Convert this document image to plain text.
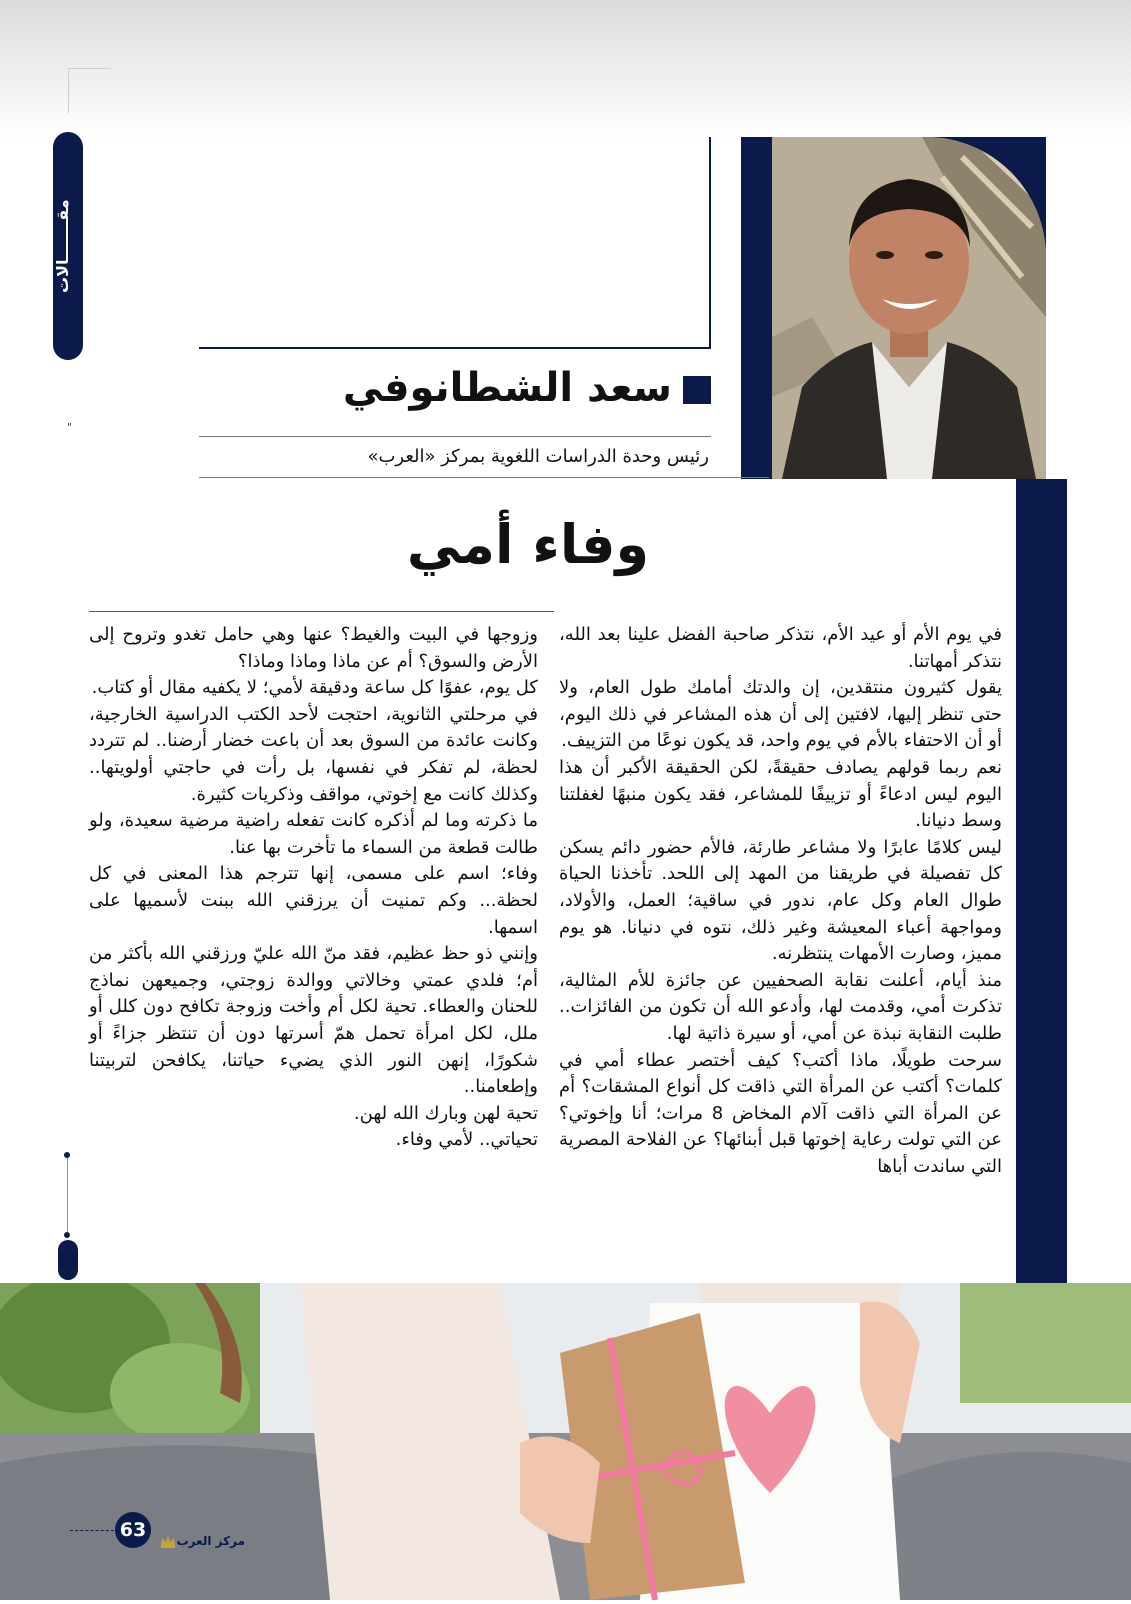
مقـــــــالات
"
سعد الشطانوفي
رئيس وحدة الدراسات اللغوية بمركز «العرب»
وفاء أمي

في يوم الأم أو عيد الأم، نتذكر صاحبة الفضل علينا بعد الله، نتذكر أمهاتنا.

يقول كثيرون منتقدين، إن والدتك أمامك طول العام، ولا حتى تنظر إليها، لافتين إلى أن هذه المشاعر في ذلك اليوم، أو أن الاحتفاء بالأم في يوم واحد، قد يكون نوعًا من التزييف.

نعم ربما قولهم يصادف حقيقةً، لكن الحقيقة الأكبر أن هذا اليوم ليس ادعاءً أو تزييفًا للمشاعر، فقد يكون منبهًا لغفلتنا وسط دنيانا.

ليس كلامًا عابرًا ولا مشاعر طارئة، فالأم حضور دائم يسكن كل تفصيلة في طريقنا من المهد إلى اللحد. تأخذنا الحياة طوال العام وكل عام، ندور في ساقية؛ العمل، والأولاد، ومواجهة أعباء المعيشة وغير ذلك، نتوه في دنيانا. هو يوم مميز، وصارت الأمهات ينتظرنه.

منذ أيام، أعلنت نقابة الصحفيين عن جائزة للأم المثالية، تذكرت أمي، وقدمت لها، وأدعو الله أن تكون من الفائزات.. طلبت النقابة نبذة عن أمي، أو سيرة ذاتية لها.

سرحت طويلًا، ماذا أكتب؟ كيف أختصر عطاء أمي في كلمات؟ أكتب عن المرأة التي ذاقت كل أنواع المشقات؟ أم عن المرأة التي ذاقت آلام المخاض 8 مرات؛ أنا وإخوتي؟ عن التي تولت رعاية إخوتها قبل أبنائها؟ عن الفلاحة المصرية التي ساندت أباها

وزوجها في البيت والغيط؟ عنها وهي حامل تغدو وتروح إلى الأرض والسوق؟ أم عن ماذا وماذا وماذا؟

كل يوم، عفوًا كل ساعة ودقيقة لأمي؛ لا يكفيه مقال أو كتاب.

في مرحلتي الثانوية، احتجت لأحد الكتب الدراسية الخارجية، وكانت عائدة من السوق بعد أن باعت خضار أرضنا.. لم تتردد لحظة، لم تفكر في نفسها، بل رأت في حاجتي أولويتها.. وكذلك كانت مع إخوتي، مواقف وذكريات كثيرة.

ما ذكرته وما لم أذكره كانت تفعله راضية مرضية سعيدة، ولو طالت قطعة من السماء ما تأخرت بها عنا.

وفاء؛ اسم على مسمى، إنها تترجم هذا المعنى في كل لحظة... وكم تمنيت أن يرزقني الله ببنت لأسميها على اسمها.

وإنني ذو حظ عظيم، فقد منّ الله عليّ ورزقني الله بأكثر من أم؛ فلدي عمتي وخالاتي ووالدة زوجتي، وجميعهن نماذج للحنان والعطاء. تحية لكل أم وأخت وزوجة تكافح دون كلل أو ملل، لكل امرأة تحمل همّ أسرتها دون أن تنتظر جزاءً أو شكورًا، إنهن النور الذي يضيء حياتنا، يكافحن لتربيتنا وإطعامنا..

تحية لهن وبارك الله لهن.

تحياتي.. لأمي وفاء.

63	مركز العرب
